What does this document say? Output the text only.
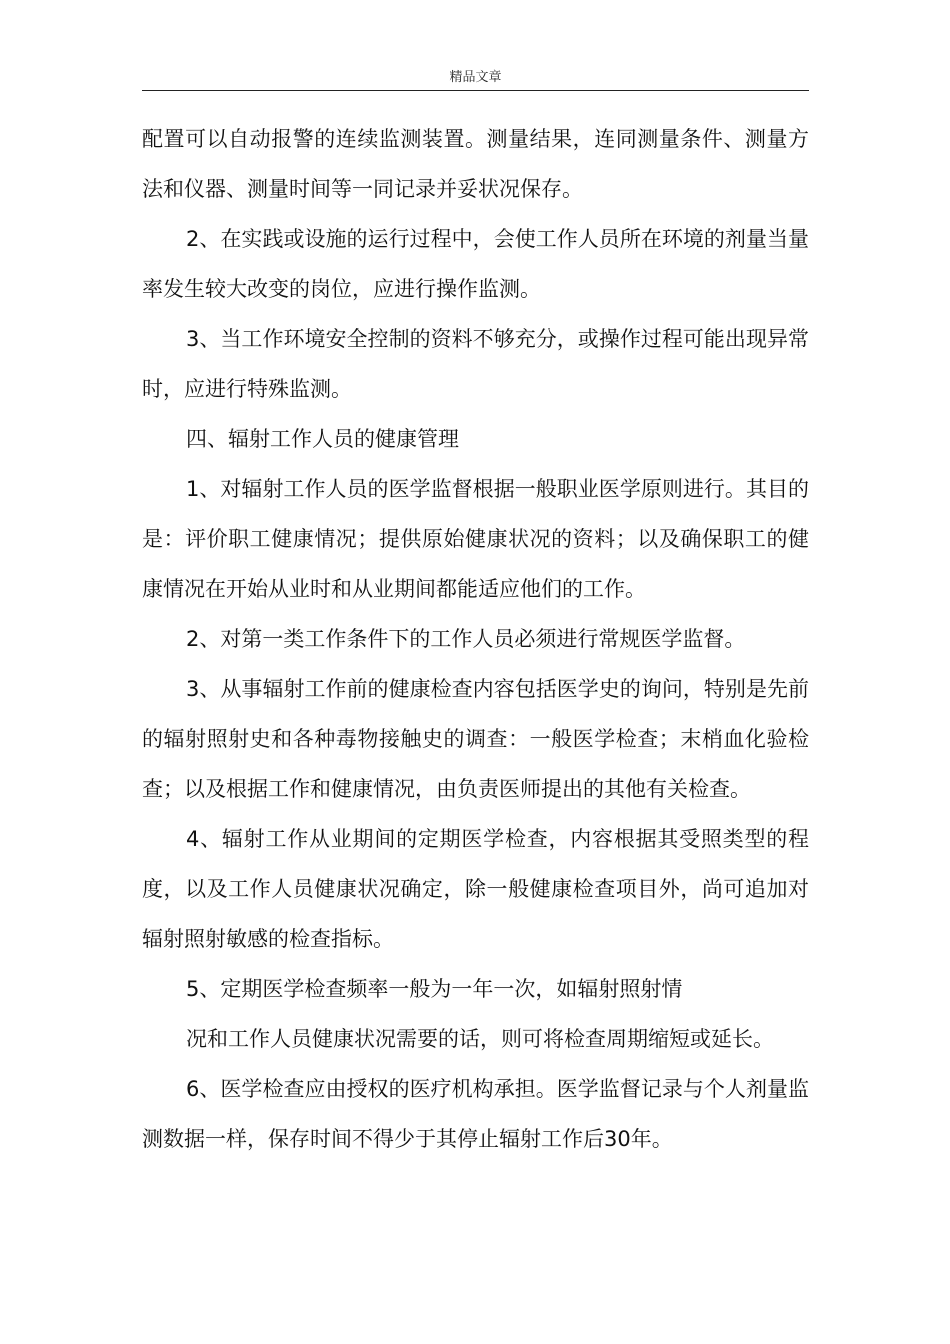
精品文章

配置可以自动报警的连续监测装置。测量结果，连同测量条件、测量方法和仪器、测量时间等一同记录并妥状况保存。

2、在实践或设施的运行过程中，会使工作人员所在环境的剂量当量率发生较大改变的岗位，应进行操作监测。

3、当工作环境安全控制的资料不够充分，或操作过程可能出现异常时，应进行特殊监测。

四、辐射工作人员的健康管理

1、对辐射工作人员的医学监督根据一般职业医学原则进行。其目的是：评价职工健康情况；提供原始健康状况的资料；以及确保职工的健康情况在开始从业时和从业期间都能适应他们的工作。

2、对第一类工作条件下的工作人员必须进行常规医学监督。

3、从事辐射工作前的健康检查内容包括医学史的询问，特别是先前的辐射照射史和各种毒物接触史的调查：一般医学检查；末梢血化验检查；以及根据工作和健康情况，由负责医师提出的其他有关检查。

4、辐射工作从业期间的定期医学检查，内容根据其受照类型的程度，以及工作人员健康状况确定，除一般健康检查项目外，尚可追加对辐射照射敏感的检查指标。

5、定期医学检查频率一般为一年一次，如辐射照射情

况和工作人员健康状况需要的话，则可将检查周期缩短或延长。

6、医学检查应由授权的医疗机构承担。医学监督记录与个人剂量监测数据一样，保存时间不得少于其停止辐射工作后30年。
